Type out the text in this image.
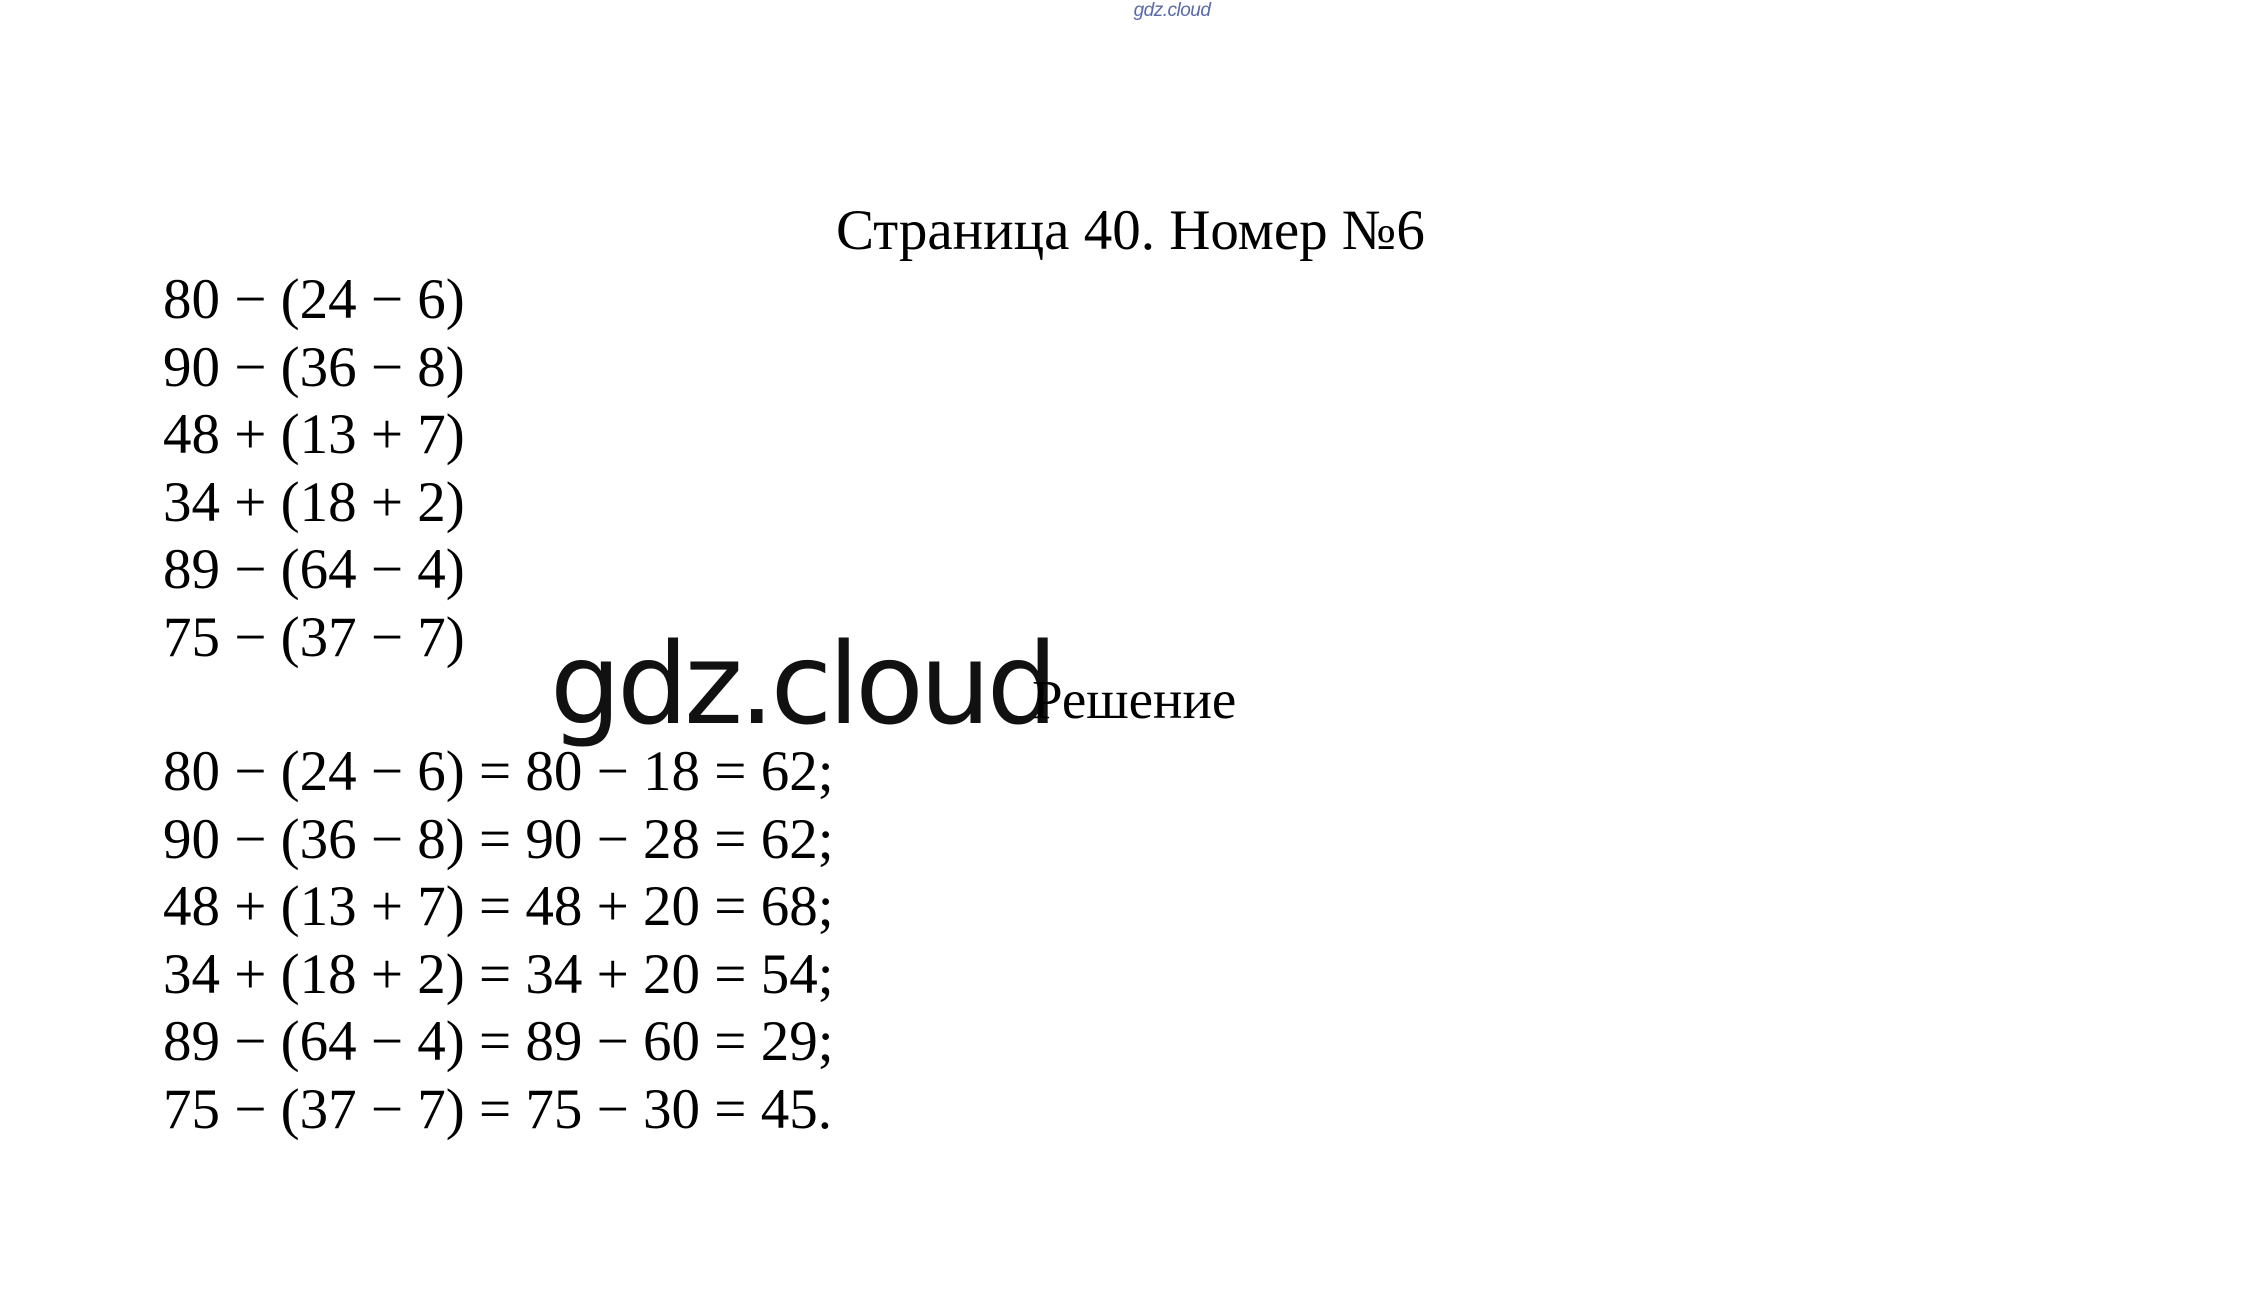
gdz.cloud
Страница 40. Номер №6
80 − (24 − 6)
90 − (36 − 8)
48 + (13 + 7)
34 + (18 + 2)
89 − (64 − 4)
75 − (37 − 7) gdz.cloud
Решение
80 − (24 − 6) = 80 − 18 = 62;
90 − (36 − 8) = 90 − 28 = 62;
48 + (13 + 7) = 48 + 20 = 68;
34 + (18 + 2) = 34 + 20 = 54;
89 − (64 − 4) = 89 − 60 = 29;
75 − (37 − 7) = 75 − 30 = 45.
